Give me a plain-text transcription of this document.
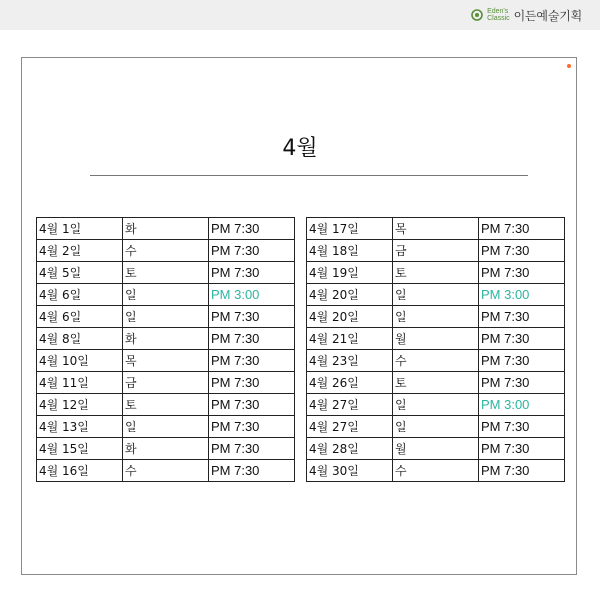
Eden's
Classic 이든예술기획
4월
4월 1일	화	PM 7:30
4월 2일	수	PM 7:30
4월 5일	토	PM 7:30
4월 6일	일	PM 3:00
4월 6일	일	PM 7:30
4월 8일	화	PM 7:30
4월 10일	목	PM 7:30
4월 11일	금	PM 7:30
4월 12일	토	PM 7:30
4월 13일	일	PM 7:30
4월 15일	화	PM 7:30
4월 16일	수	PM 7:30
4월 17일	목	PM 7:30
4월 18일	금	PM 7:30
4월 19일	토	PM 7:30
4월 20일	일	PM 3:00
4월 20일	일	PM 7:30
4월 21일	월	PM 7:30
4월 23일	수	PM 7:30
4월 26일	토	PM 7:30
4월 27일	일	PM 3:00
4월 27일	일	PM 7:30
4월 28일	월	PM 7:30
4월 30일	수	PM 7:30
